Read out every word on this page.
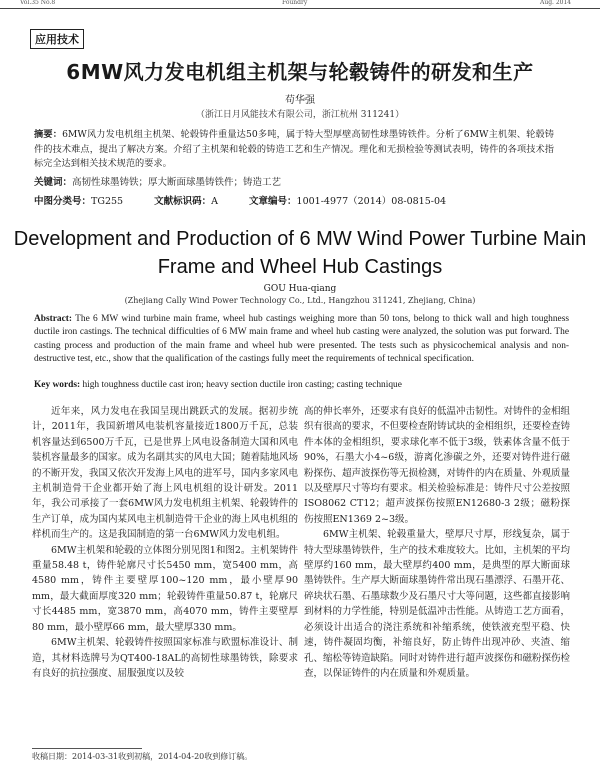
Vol.35 No.8	Foundry	Aug. 2014
应用技术
6MW风力发电机组主机架与轮毂铸件的研发和生产
苟华强
（浙江日月风能技术有限公司，浙江杭州 311241）
摘要：6MW风力发电机组主机架、轮毂铸件重量达50多吨，属于特大型厚壁高韧性球墨铸铁件。分析了6MW主机架、轮毂铸件的技术难点，提出了解决方案。介绍了主机架和轮毂的铸造工艺和生产情况。理化和无损检验等测试表明，铸件的各项技术指标完全达到相关技术规范的要求。
关键词：高韧性球墨铸铁；厚大断面球墨铸铁件；铸造工艺
中图分类号：TG255	文献标识码：A	文章编号：1001-4977（2014）08-0815-04
Development and Production of 6 MW Wind Power Turbine Main
Frame and Wheel Hub Castings
GOU Hua-qiang
(Zhejiang Cally Wind Power Technology Co., Ltd., Hangzhou 311241, Zhejiang, China)
Abstract: The 6 MW wind turbine main frame, wheel hub castings weighing more than 50 tons, belong to thick wall and high toughness ductile iron castings. The technical difficulties of 6 MW main frame and wheel hub casting were analyzed, the solution was put forward. The casting process and production of the main frame and wheel hub were presented. The tests such as physicochemical analysis and non-destructive test, etc., show that the qualification of the castings fully meet the requirements of technical specification.
Key words: high toughness ductile cast iron; heavy section ductile iron casting; casting technique

近年来，风力发电在我国呈现出跳跃式的发展。据初步统计，2011年，我国新增风电装机容量接近1800万千瓦，总装机容量达到6500万千瓦，已是世界上风电设备制造大国和风电装机容量最多的国家。成为名副其实的风电大国；随着陆地风场的不断开发，我国又依次开发海上风电的进军号，国内多家风电主机制造骨干企业都开始了海上风电机组的设计研发。2011年，我公司承接了一套6MW风力发电机组主机架、轮毂铸件的生产订单，成为国内某风电主机制造骨干企业的海上风电机组的样机而生产的。这是我国制造的第一台6MW风力发电机组。

6MW主机架和轮毂的立体图分别见图1和图2。主机架铸件重量58.48 t，铸件轮廓尺寸长5450 mm，宽5400 mm，高4580 mm，铸件主要壁厚100~120 mm，最小壁厚90 mm，最大截面厚度320 mm；轮毂铸件重量50.87 t，轮廓尺寸长4485 mm，宽3870 mm，高4070 mm，铸件主要壁厚80 mm，最小壁厚66 mm，最大壁厚330 mm。

6MW主机架、轮毂铸件按照国家标准与欧盟标准设计、制造，其材料选牌号为QT400-18AL的高韧性球墨铸铁，除要求有良好的抗拉强度、屈服强度以及较

高的伸长率外，还要求有良好的低温冲击韧性。对铸件的金相组织有很高的要求，不但要检查附铸试块的金相组织，还要检查铸件本体的金相组织，要求球化率不低于3级，铁素体含量不低于90%，石墨大小4~6级，游离化渗碳之外，还要对铸件进行磁粉探伤、超声波探伤等无损检测，对铸件的内在质量、外观质量以及壁厚尺寸等均有要求。相关检验标准是：铸件尺寸公差按照ISO8062 CT12；超声波探伤按照EN12680-3 2级；磁粉探伤按照EN1369 2~3级。

6MW主机架、轮毂重量大，壁厚尺寸厚，形线复杂，属于特大型球墨铸铁件，生产的技术难度较大。比如，主机架的平均壁厚约160 mm，最大壁厚约400 mm，是典型的厚大断面球墨铸铁件。生产厚大断面球墨铸件常出现石墨漂浮、石墨开花、碎块状石墨、石墨球数少及石墨尺寸大等问题，这些都直接影响到材料的力学性能，特别是低温冲击性能。从铸造工艺方面看，必须设计出适合的浇注系统和补缩系统，使铁液充型平稳、快速，铸件凝固均衡，补缩良好，防止铸件出现冲砂、夹渣、缩孔、缩松等铸造缺陷。同时对铸件进行超声波探伤和磁粉探伤检查，以保证铸件的内在质量和外观质量。

收稿日期：2014-03-31收到初稿，2014-04-20收到修订稿。
